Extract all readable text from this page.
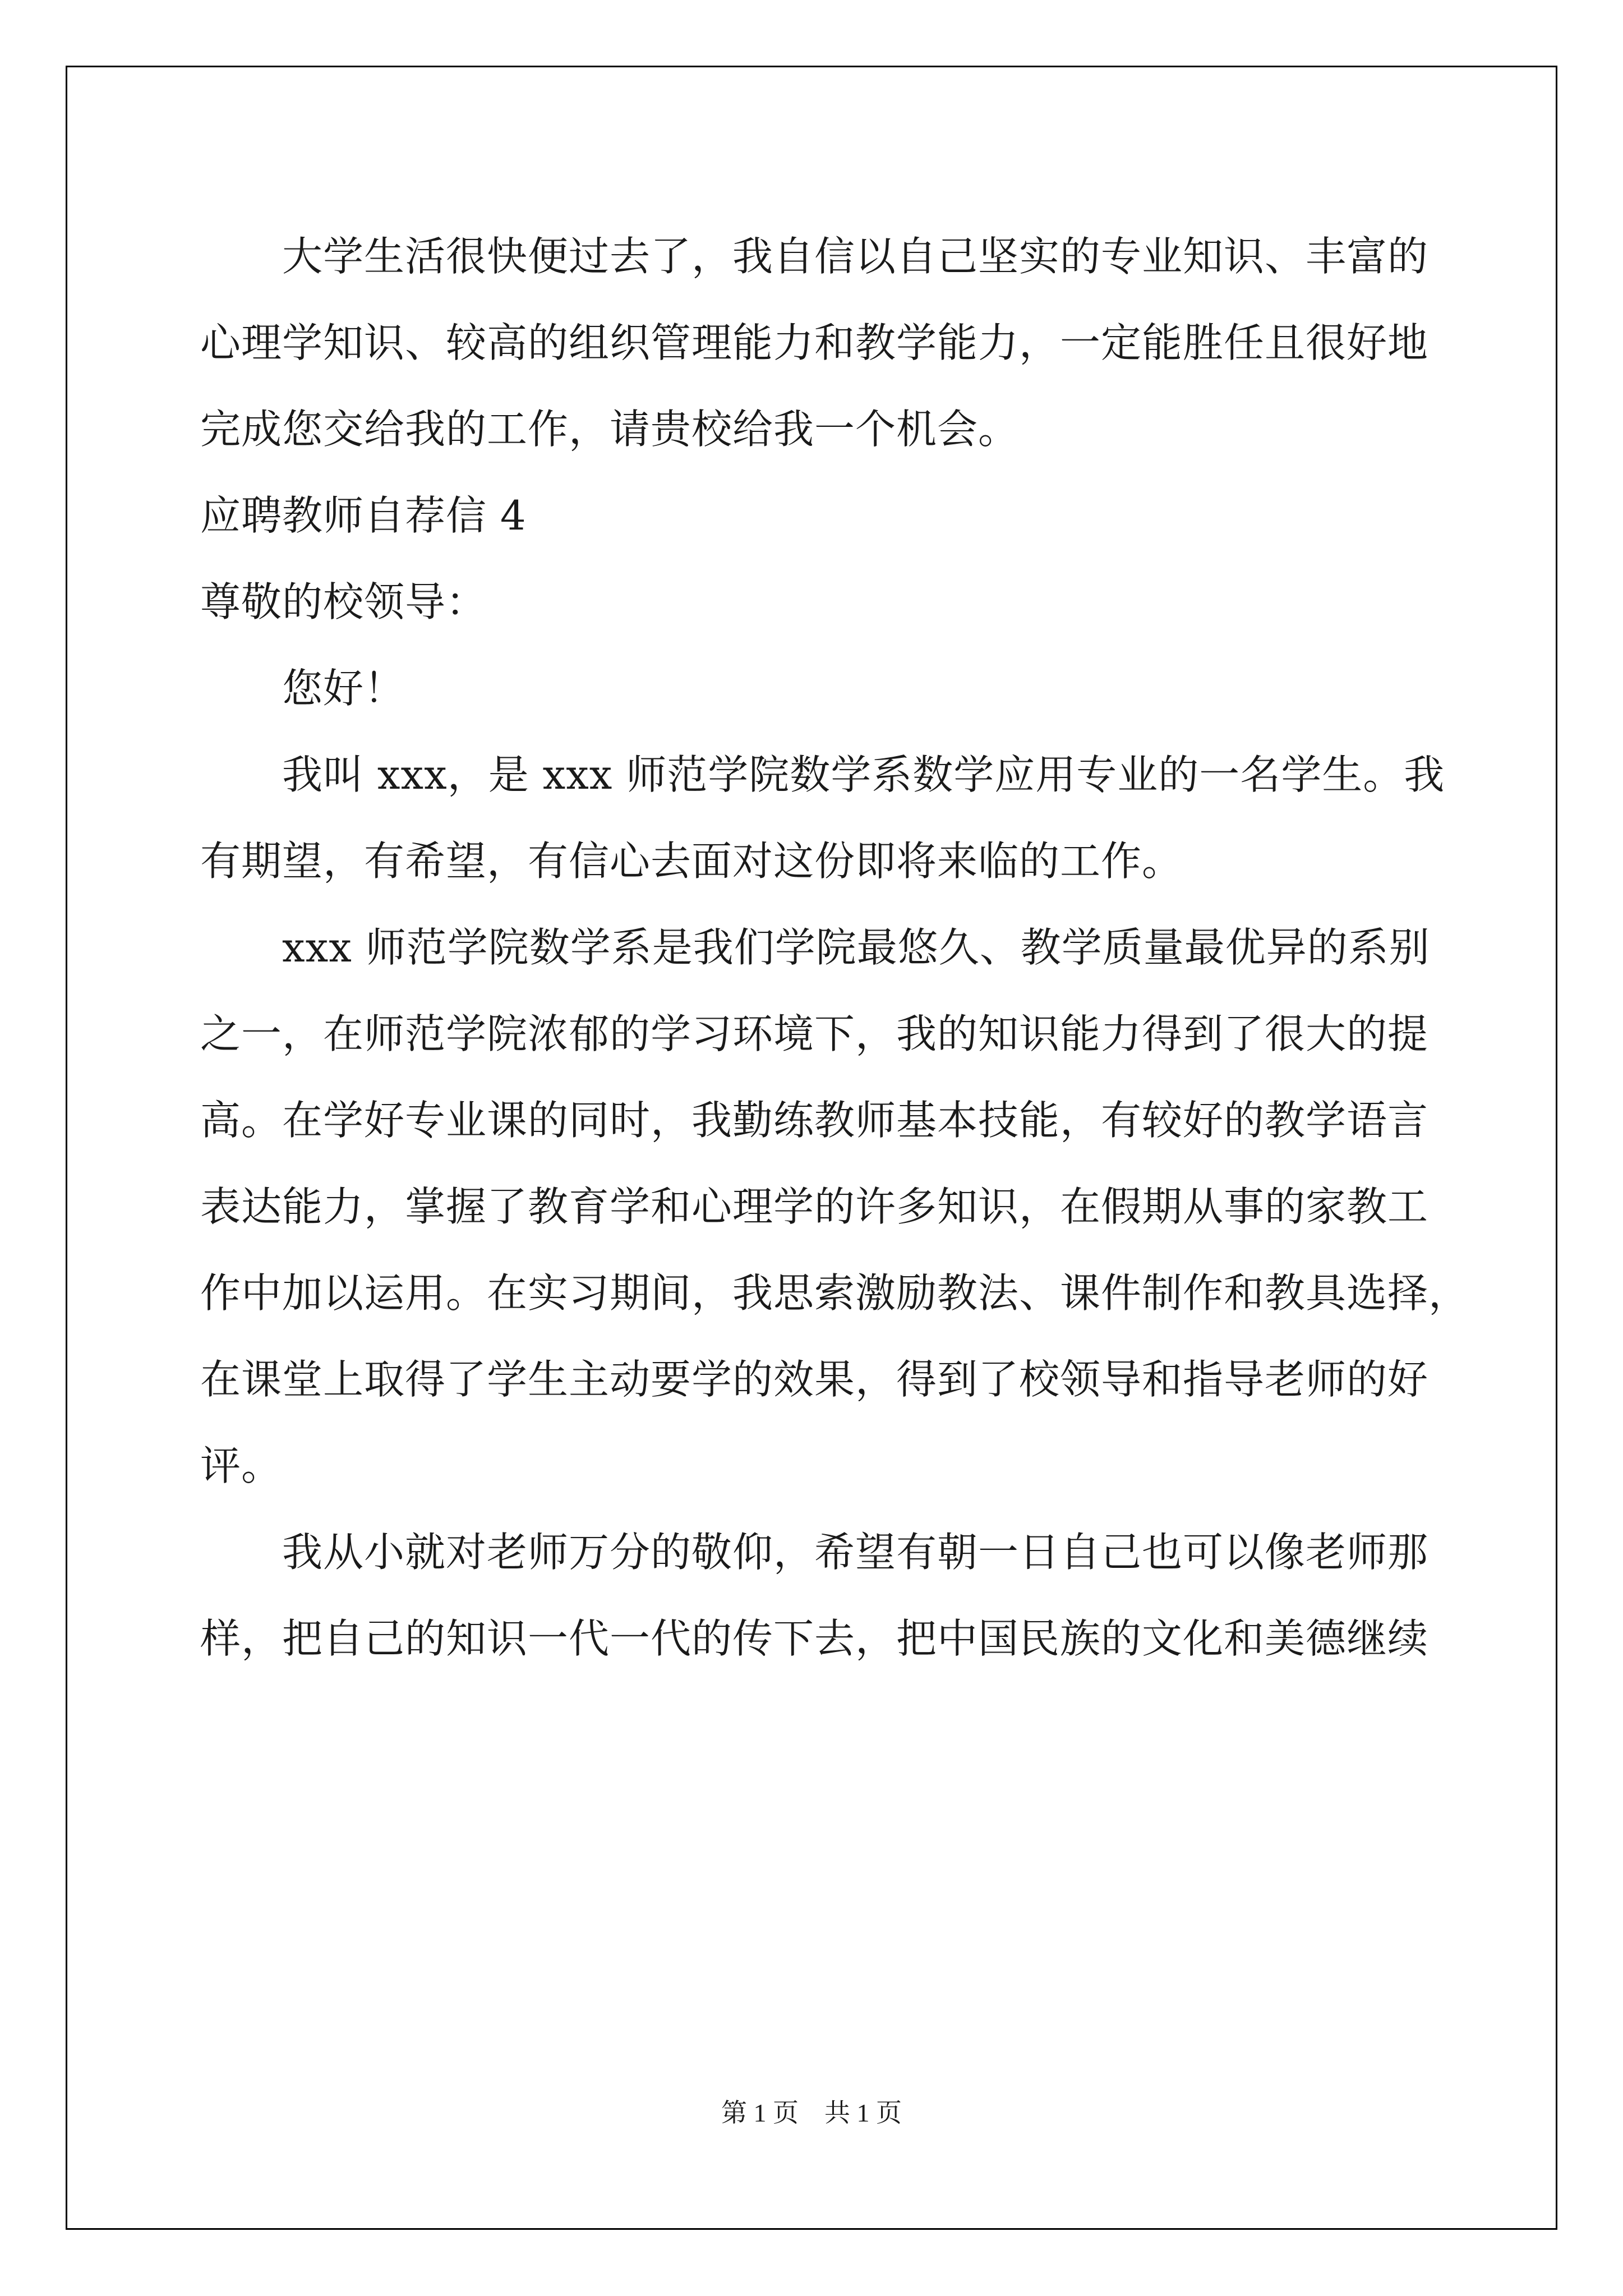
大学生活很快便过去了，我自信以自己坚实的专业知识、丰富的
心理学知识、较高的组织管理能力和教学能力，一定能胜任且很好地
完成您交给我的工作，请贵校给我一个机会。
应聘教师自荐信 4
尊敬的校领导：
您好！
我叫 xxx，是 xxx 师范学院数学系数学应用专业的一名学生。我
有期望，有希望，有信心去面对这份即将来临的工作。
xxx 师范学院数学系是我们学院最悠久、教学质量最优异的系别
之一，在师范学院浓郁的学习环境下，我的知识能力得到了很大的提
高。在学好专业课的同时，我勤练教师基本技能，有较好的教学语言
表达能力，掌握了教育学和心理学的许多知识，在假期从事的家教工
作中加以运用。在实习期间，我思索激励教法、课件制作和教具选择，
在课堂上取得了学生主动要学的效果，得到了校领导和指导老师的好
评。
我从小就对老师万分的敬仰，希望有朝一日自己也可以像老师那
样，把自己的知识一代一代的传下去，把中国民族的文化和美德继续
第 1 页　共 1 页
